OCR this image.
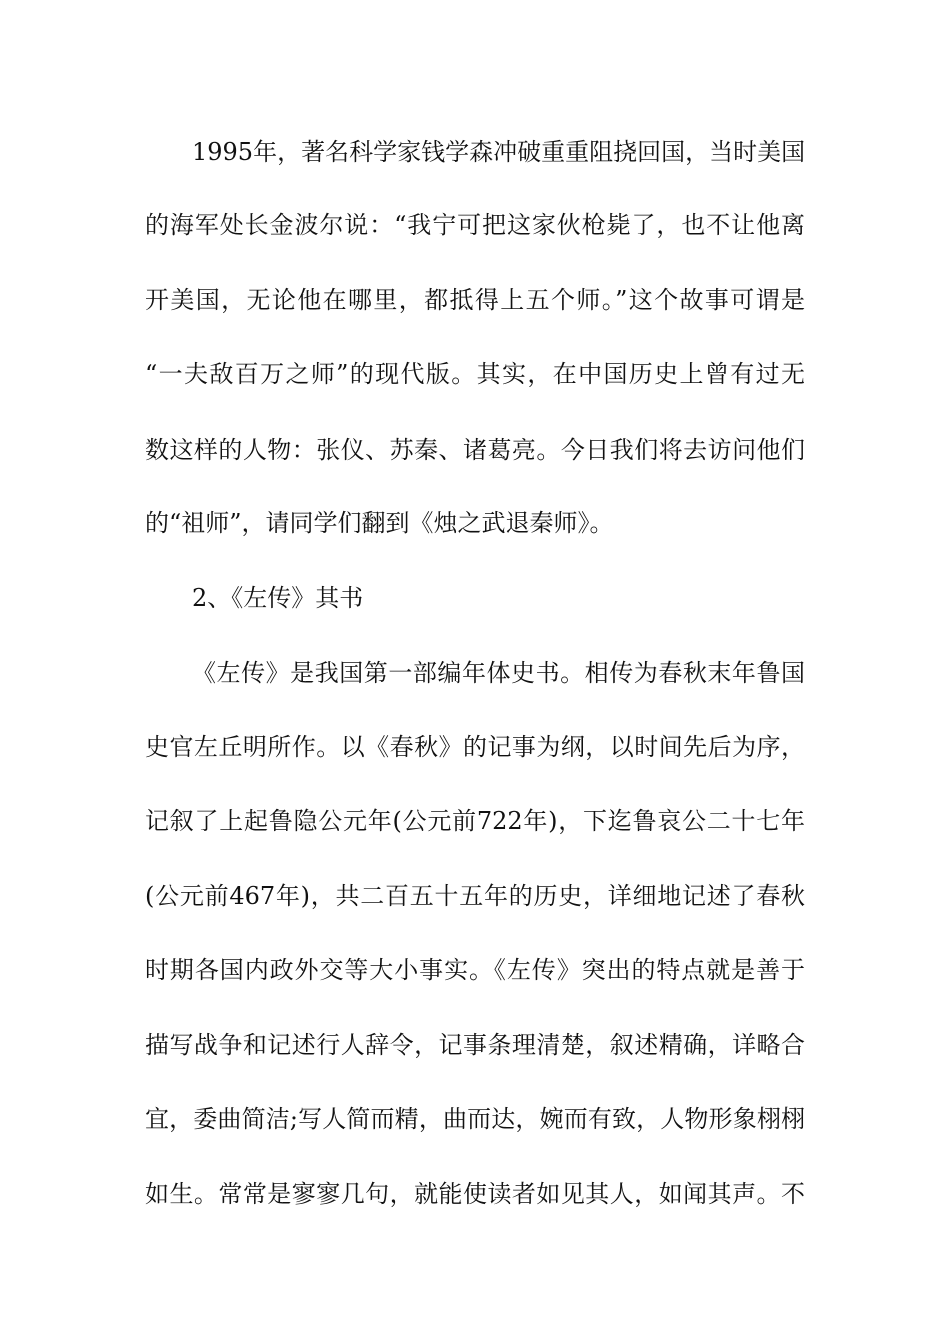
1995年，著名科学家钱学森冲破重重阻挠回国，当时美国
的海军处长金波尔说：“我宁可把这家伙枪毙了，也不让他离
开美国，无论他在哪里，都抵得上五个师。”这个故事可谓是
“一夫敌百万之师”的现代版。其实，在中国历史上曾有过无
数这样的人物：张仪、苏秦、诸葛亮。今日我们将去访问他们
的“祖师”，请同学们翻到《烛之武退秦师》。
2、《左传》其书
《左传》是我国第一部编年体史书。相传为春秋末年鲁国
史官左丘明所作。以《春秋》的记事为纲，以时间先后为序，
记叙了上起鲁隐公元年(公元前722年)，下迄鲁哀公二十七年
(公元前467年)，共二百五十五年的历史，详细地记述了春秋
时期各国内政外交等大小事实。《左传》突出的特点就是善于
描写战争和记述行人辞令，记事条理清楚，叙述精确，详略合
宜，委曲简洁;写人简而精，曲而达，婉而有致，人物形象栩栩
如生。常常是寥寥几句，就能使读者如见其人，如闻其声。不
